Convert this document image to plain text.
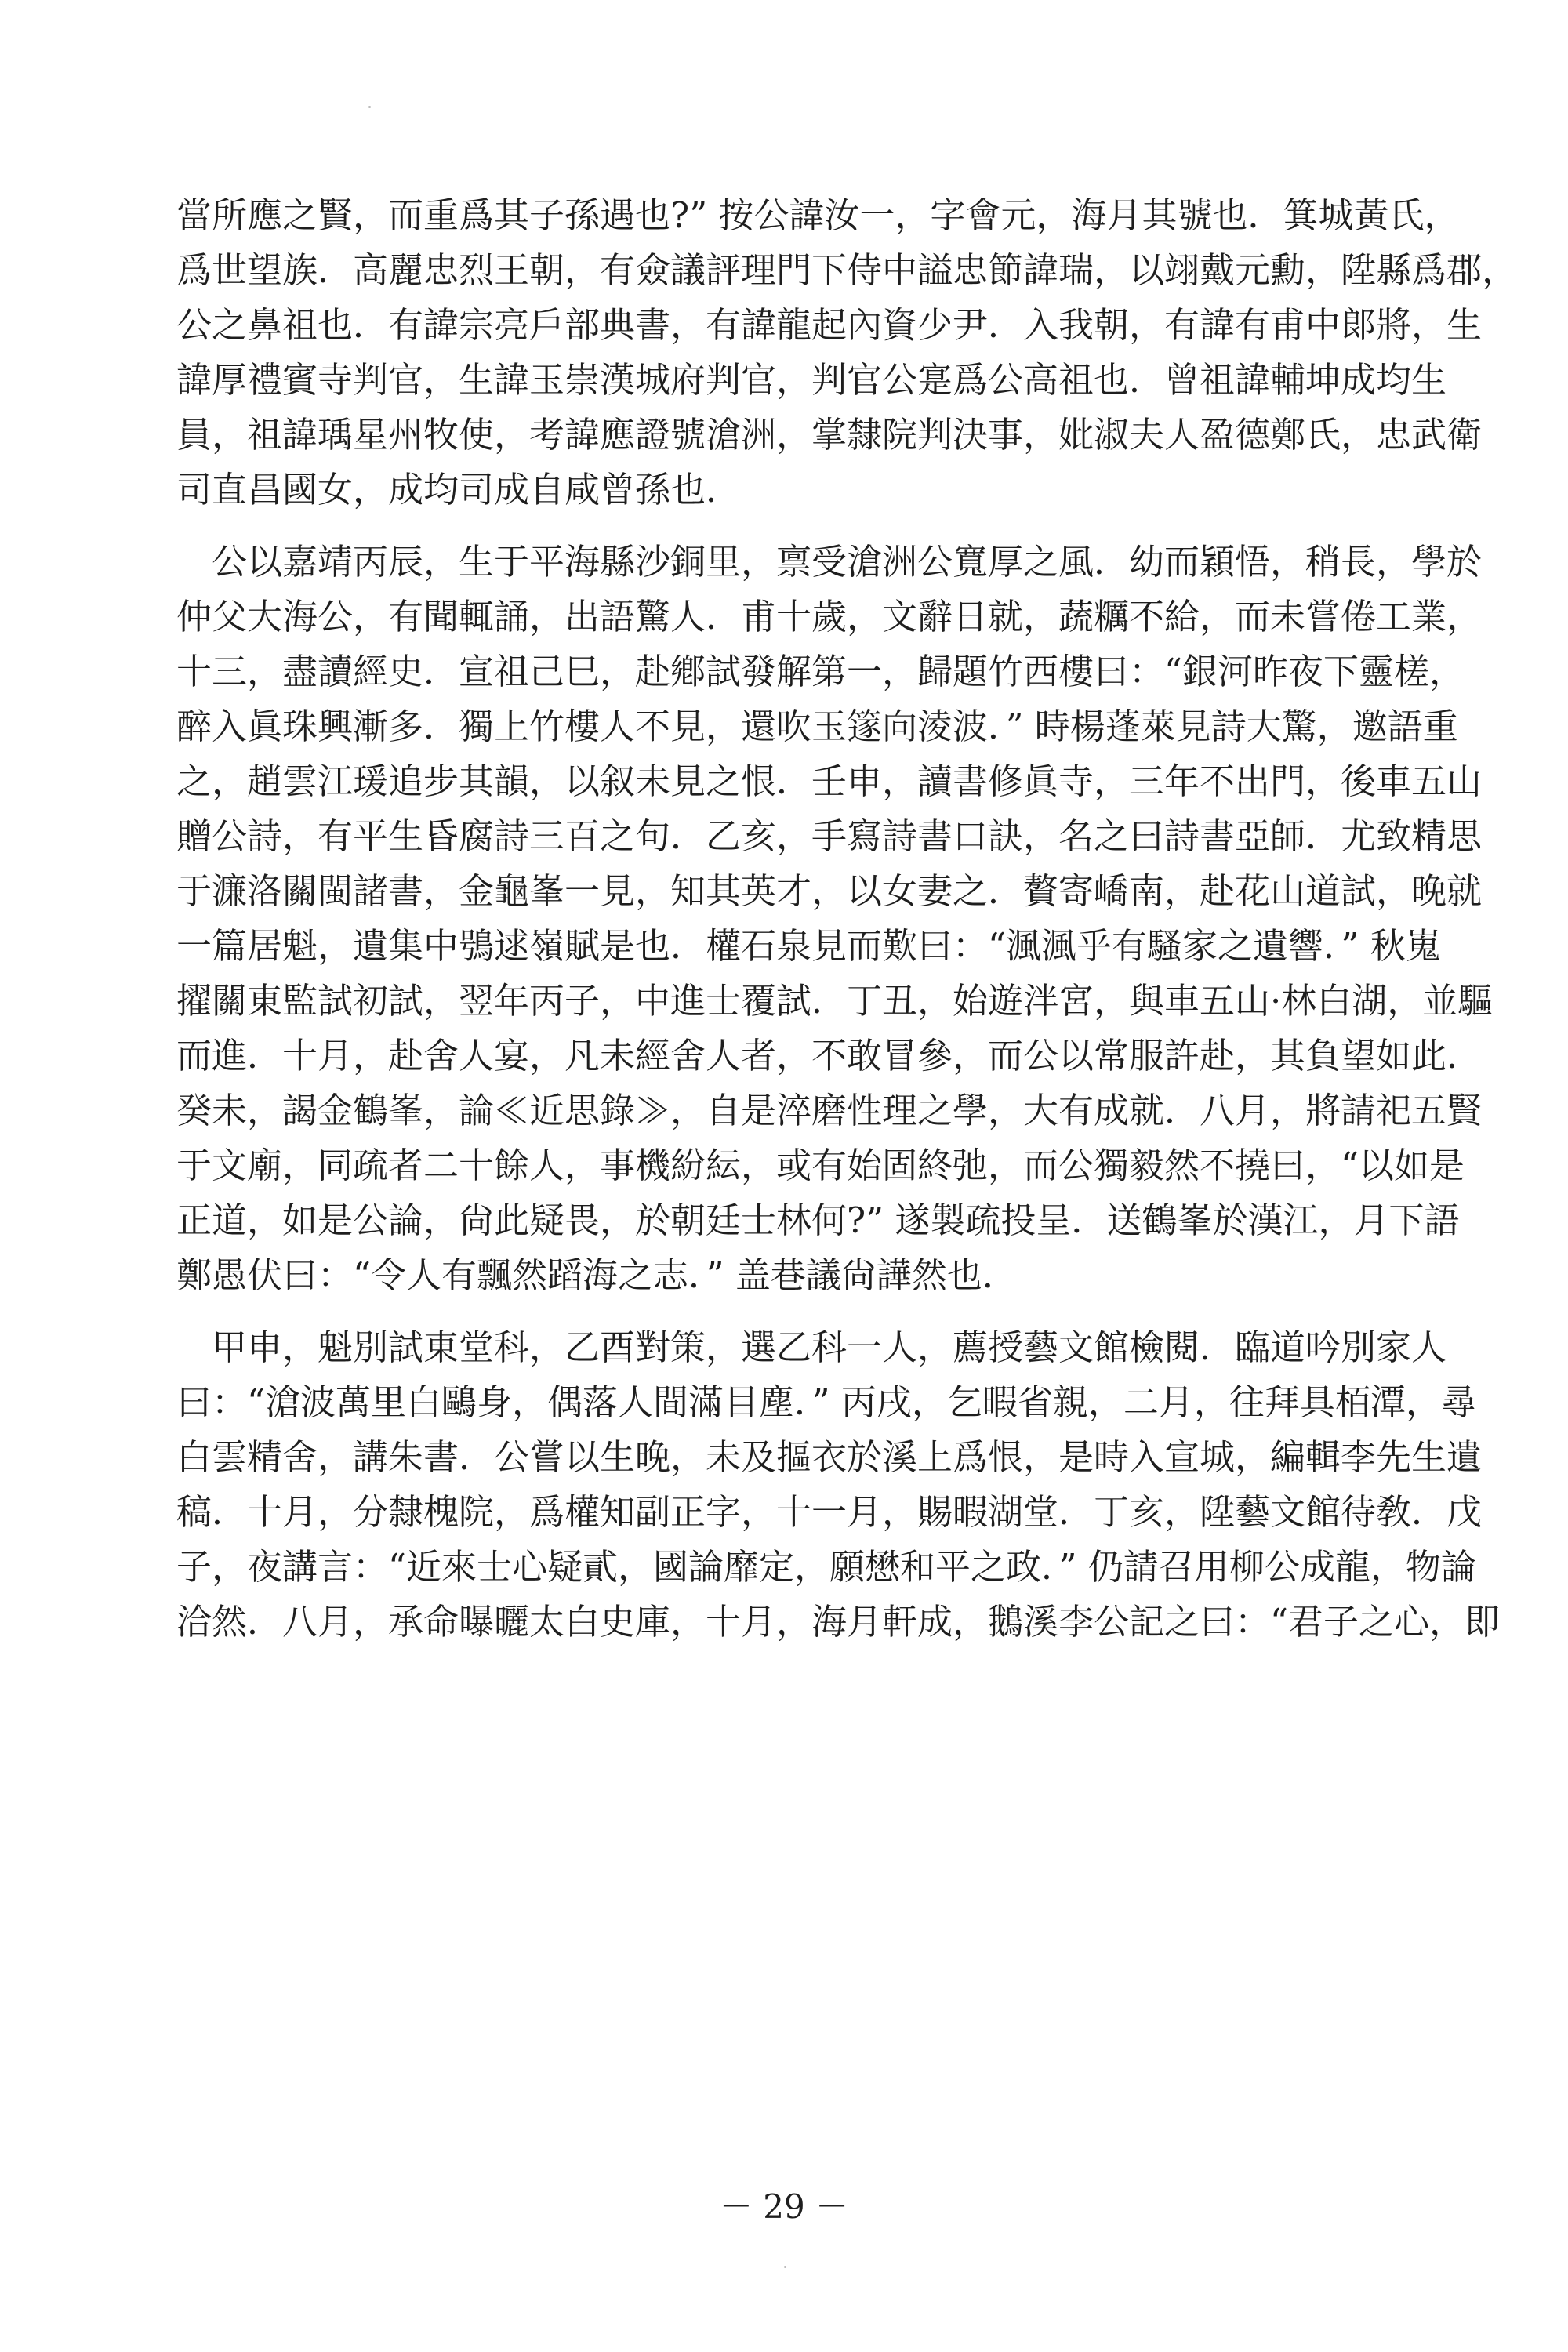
當所應之賢，而重爲其子孫遇也?” 按公諱汝一，字會元，海月其號也．箕城黃氏，
爲世望族．高麗忠烈王朝，有僉議評理門下侍中謚忠節諱瑞，以翊戴元勳，陞縣爲郡，
公之鼻祖也．有諱宗亮戶部典書，有諱龍起內資少尹．入我朝，有諱有甫中郞將，生
諱厚禮賓寺判官，生諱玉崇漢城府判官，判官公寔爲公高祖也．曾祖諱輔坤成均生
員，祖諱瑀星州牧使，考諱應證號滄洲，掌隸院判決事，妣淑夫人盈德鄭氏，忠武衛
司直昌國女，成均司成自咸曾孫也．
　公以嘉靖丙辰，生于平海縣沙銅里，禀受滄洲公寬厚之風．幼而穎悟，稍長，學於
仲父大海公，有聞輒誦，出語驚人．甫十歲，文辭日就，蔬糲不給，而未嘗倦工業，
十三，盡讀經史．宣祖己巳，赴鄕試發解第一，歸題竹西樓曰：“銀河昨夜下靈槎，
醉入眞珠興漸多．獨上竹樓人不見，還吹玉篴向淩波．” 時楊蓬萊見詩大驚，邀語重
之，趙雲江瑗追步其韻，以叙未見之恨．壬申，讀書修眞寺，三年不出門，後車五山
贈公詩，有平生昏腐詩三百之句．乙亥，手寫詩書口訣，名之曰詩書亞師．尤致精思
于濂洛關閩諸書，金龜峯一見，知其英才，以女妻之．贅寄嶠南，赴花山道試，晚就
一篇居魁，遺集中鴞逑嶺賦是也．權石泉見而歎曰：“渢渢乎有騷家之遺響．” 秋嵬
擢關東監試初試，翌年丙子，中進士覆試．丁丑，始遊泮宮，與車五山·林白湖，並驅
而進．十月，赴舍人宴，凡未經舍人者，不敢冒參，而公以常服許赴，其負望如此．
癸未，謁金鶴峯，論≪近思錄≫，自是淬磨性理之學，大有成就．八月，將請祀五賢
于文廟，同疏者二十餘人，事機紛紜，或有始固終弛，而公獨毅然不撓曰，“以如是
正道，如是公論，尙此疑畏，於朝廷士林何?” 遂製疏投呈．送鶴峯於漢江，月下語
鄭愚伏曰：“令人有飄然蹈海之志．” 盖巷議尙譁然也．
　甲申，魁別試東堂科，乙酉對策，選乙科一人，薦授藝文館檢閱．臨道吟別家人
曰：“滄波萬里白鷗身，偶落人間滿目塵．” 丙戌，乞暇省親，二月，往拜具栢潭，尋
白雲精舍，講朱書．公嘗以生晚，未及摳衣於溪上爲恨，是時入宣城，編輯李先生遺
稿．十月，分隸槐院，爲權知副正字，十一月，賜暇湖堂．丁亥，陞藝文館待敎．戊
子，夜講言：“近來士心疑貳，國論靡定，願懋和平之政．” 仍請召用柳公成龍，物論
洽然．八月，承命曝曬太白史庫，十月，海月軒成，鵝溪李公記之曰：“君子之心，即
－ 29 －
